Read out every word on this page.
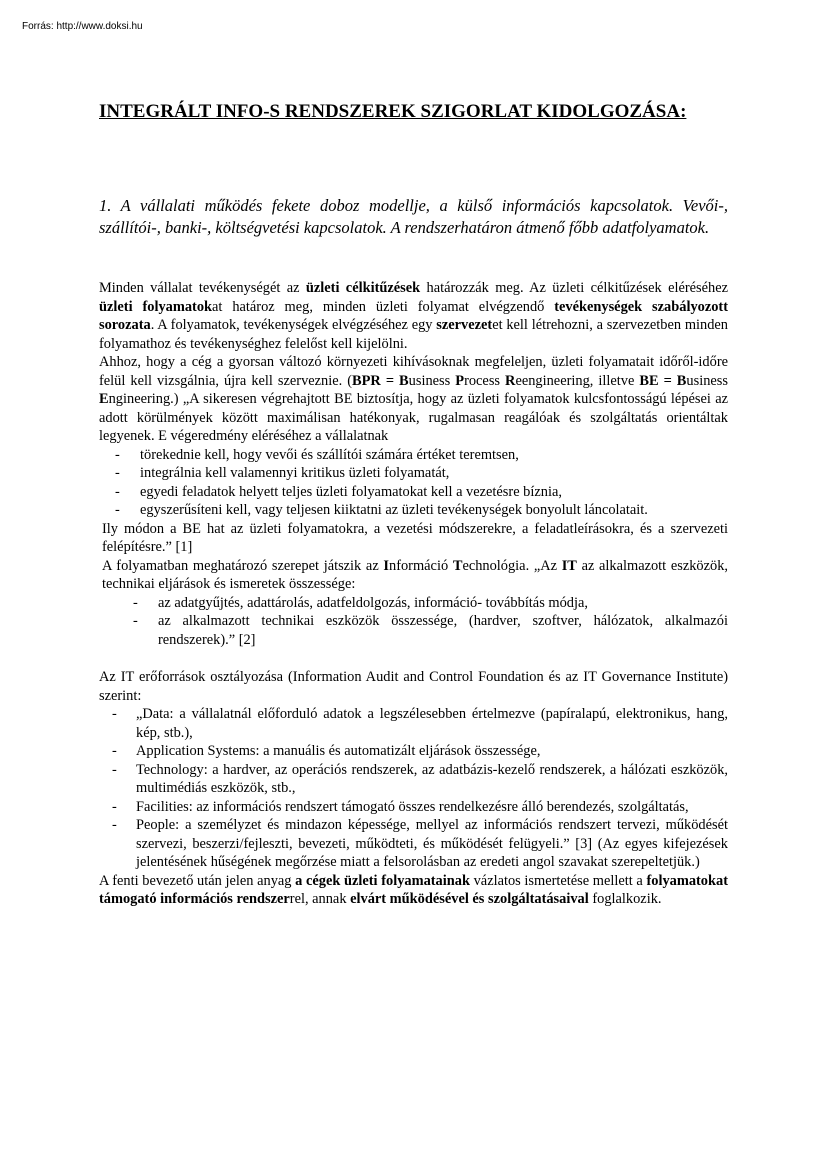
Forrás: http://www.doksi.hu
INTEGRÁLT INFO-S RENDSZEREK SZIGORLAT KIDOLGOZÁSA:

1. A vállalati működés fekete doboz modellje, a külső információs kapcsolatok. Vevői-, szállítói-, banki-, költségvetési kapcsolatok. A rendszerhatáron átmenő főbb adatfolyamatok.

Minden vállalat tevékenységét az üzleti célkitűzések határozzák meg. Az üzleti célkitűzések eléréséhez üzleti folyamatokat határoz meg, minden üzleti folyamat elvégzendő tevékenységek szabályozott sorozata. A folyamatok, tevékenységek elvégzéséhez egy szervezetet kell létrehozni, a szervezetben minden folyamathoz és tevékenységhez felelőst kell kijelölni.

Ahhoz, hogy a cég a gyorsan változó környezeti kihívásoknak megfeleljen, üzleti folyamatait időről-időre felül kell vizsgálnia, újra kell szerveznie. (BPR = Business Process Reengineering, illetve BE = Business Engineering.) „A sikeresen végrehajtott BE biztosítja, hogy az üzleti folyamatok kulcsfontosságú lépései az adott körülmények között maximálisan hatékonyak, rugalmasan reagálóak és szolgáltatás orientáltak legyenek. E végeredmény eléréséhez a vállalatnak

- törekednie kell, hogy vevői és szállítói számára értéket teremtsen,
- integrálnia kell valamennyi kritikus üzleti folyamatát,
- egyedi feladatok helyett teljes üzleti folyamatokat kell a vezetésre bíznia,
- egyszerűsíteni kell, vagy teljesen kiiktatni az üzleti tevékenységek bonyolult láncolatait.

Ily módon a BE hat az üzleti folyamatokra, a vezetési módszerekre, a feladatleírásokra, és a szervezeti felépítésre.” [1]

A folyamatban meghatározó szerepet játszik az Információ Technológia. „Az IT az alkalmazott eszközök, technikai eljárások és ismeretek összessége:

- az adatgyűjtés, adattárolás, adatfeldolgozás, információ- továbbítás módja,
- az alkalmazott technikai eszközök összessége, (hardver, szoftver, hálózatok, alkalmazói rendszerek).” [2]

Az IT erőforrások osztályozása (Information Audit and Control Foundation és az IT Governance Institute) szerint:

- „Data: a vállalatnál előforduló adatok a legszélesebben értelmezve (papíralapú, elektronikus, hang, kép, stb.),
- Application Systems: a manuális és automatizált eljárások összessége,
- Technology: a hardver, az operációs rendszerek, az adatbázis-kezelő rendszerek, a hálózati eszközök, multimédiás eszközök, stb.,
- Facilities: az információs rendszert támogató összes rendelkezésre álló berendezés, szolgáltatás,
- People: a személyzet és mindazon képessége, mellyel az információs rendszert tervezi, működését szervezi, beszerzi/fejleszti, bevezeti, működteti, és működését felügyeli.” [3] (Az egyes kifejezések jelentésének hűségének megőrzése miatt a felsorolásban az eredeti angol szavakat szerepeltetjük.)

A fenti bevezető után jelen anyag a cégek üzleti folyamatainak vázlatos ismertetése mellett a folyamatokat támogató információs rendszerrel, annak elvárt működésével és szolgáltatásaival foglalkozik.
